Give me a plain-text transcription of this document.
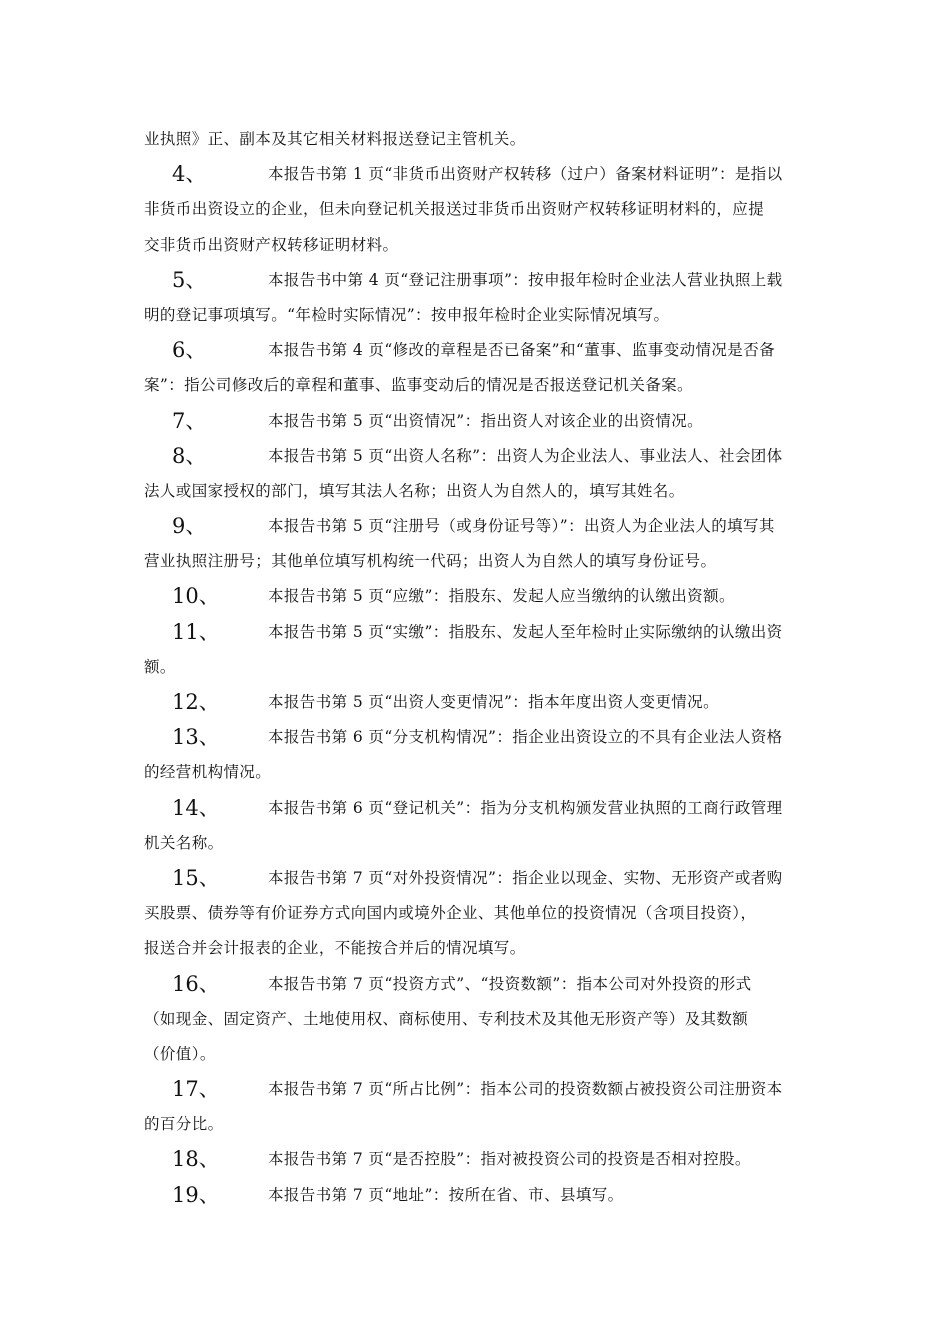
业执照》正、副本及其它相关材料报送登记主管机关。
4、	本报告书第 1 页“非货币出资财产权转移（过户）备案材料证明”：是指以
非货币出资设立的企业，但未向登记机关报送过非货币出资财产权转移证明材料的，应提
交非货币出资财产权转移证明材料。
5、	本报告书中第 4 页“登记注册事项”：按申报年检时企业法人营业执照上载
明的登记事项填写。“年检时实际情况”：按申报年检时企业实际情况填写。
6、	本报告书第 4 页“修改的章程是否已备案”和“董事、监事变动情况是否备
案”：指公司修改后的章程和董事、监事变动后的情况是否报送登记机关备案。
7、	本报告书第 5 页“出资情况”：指出资人对该企业的出资情况。
8、	本报告书第 5 页“出资人名称”：出资人为企业法人、事业法人、社会团体
法人或国家授权的部门，填写其法人名称；出资人为自然人的，填写其姓名。
9、	本报告书第 5 页“注册号（或身份证号等）”：出资人为企业法人的填写其
营业执照注册号；其他单位填写机构统一代码；出资人为自然人的填写身份证号。
10、	本报告书第 5 页“应缴”：指股东、发起人应当缴纳的认缴出资额。
11、	本报告书第 5 页“实缴”：指股东、发起人至年检时止实际缴纳的认缴出资
额。
12、	本报告书第 5 页“出资人变更情况”：指本年度出资人变更情况。
13、	本报告书第 6 页“分支机构情况”：指企业出资设立的不具有企业法人资格
的经营机构情况。
14、	本报告书第 6 页“登记机关”：指为分支机构颁发营业执照的工商行政管理
机关名称。
15、	本报告书第 7 页“对外投资情况”：指企业以现金、实物、无形资产或者购
买股票、债券等有价证券方式向国内或境外企业、其他单位的投资情况（含项目投资），
报送合并会计报表的企业，不能按合并后的情况填写。
16、	本报告书第 7 页“投资方式”、“投资数额”：指本公司对外投资的形式
（如现金、固定资产、土地使用权、商标使用、专利技术及其他无形资产等）及其数额
（价值）。
17、	本报告书第 7 页“所占比例”：指本公司的投资数额占被投资公司注册资本
的百分比。
18、	本报告书第 7 页“是否控股”：指对被投资公司的投资是否相对控股。
19、	本报告书第 7 页“地址”：按所在省、市、县填写。
